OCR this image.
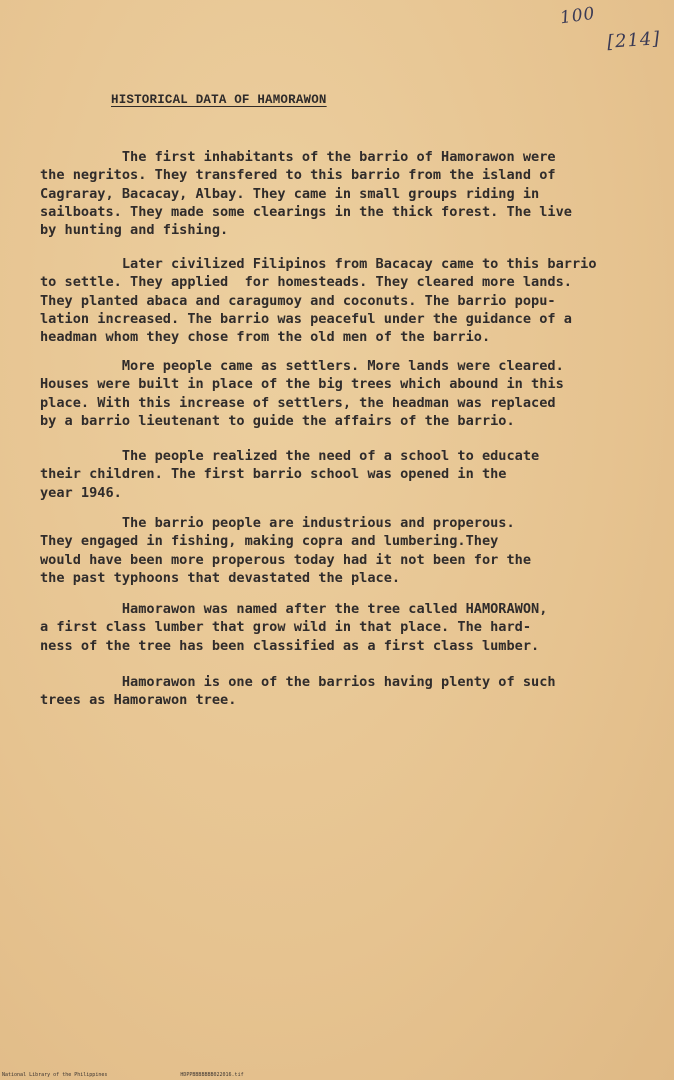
100
[214]
HISTORICAL DATA OF HAMORAWON
The first inhabitants of the barrio of Hamorawon were
the negritos. They transfered to this barrio from the island of
Cagraray, Bacacay, Albay. They came in small groups riding in
sailboats. They made some clearings in the thick forest. The live
by hunting and fishing.
Later civilized Filipinos from Bacacay came to this barrio
to settle. They applied  for homesteads. They cleared more lands.
They planted abaca and caragumoy and coconuts. The barrio popu-
lation increased. The barrio was peaceful under the guidance of a
headman whom they chose from the old men of the barrio.
More people came as settlers. More lands were cleared.
Houses were built in place of the big trees which abound in this
place. With this increase of settlers, the headman was replaced
by a barrio lieutenant to guide the affairs of the barrio.
The people realized the need of a school to educate
their children. The first barrio school was opened in the
year 1946.
The barrio people are industrious and properous.
They engaged in fishing, making copra and lumbering.They
would have been more properous today had it not been for the
the past typhoons that devastated the place.
Hamorawon was named after the tree called HAMORAWON,
a first class lumber that grow wild in that place. The hard-
ness of the tree has been classified as a first class lumber.
Hamorawon is one of the barrios having plenty of such
trees as Hamorawon tree.
National Library of the Philippines	HDPPBBBBBBB022016.tif
